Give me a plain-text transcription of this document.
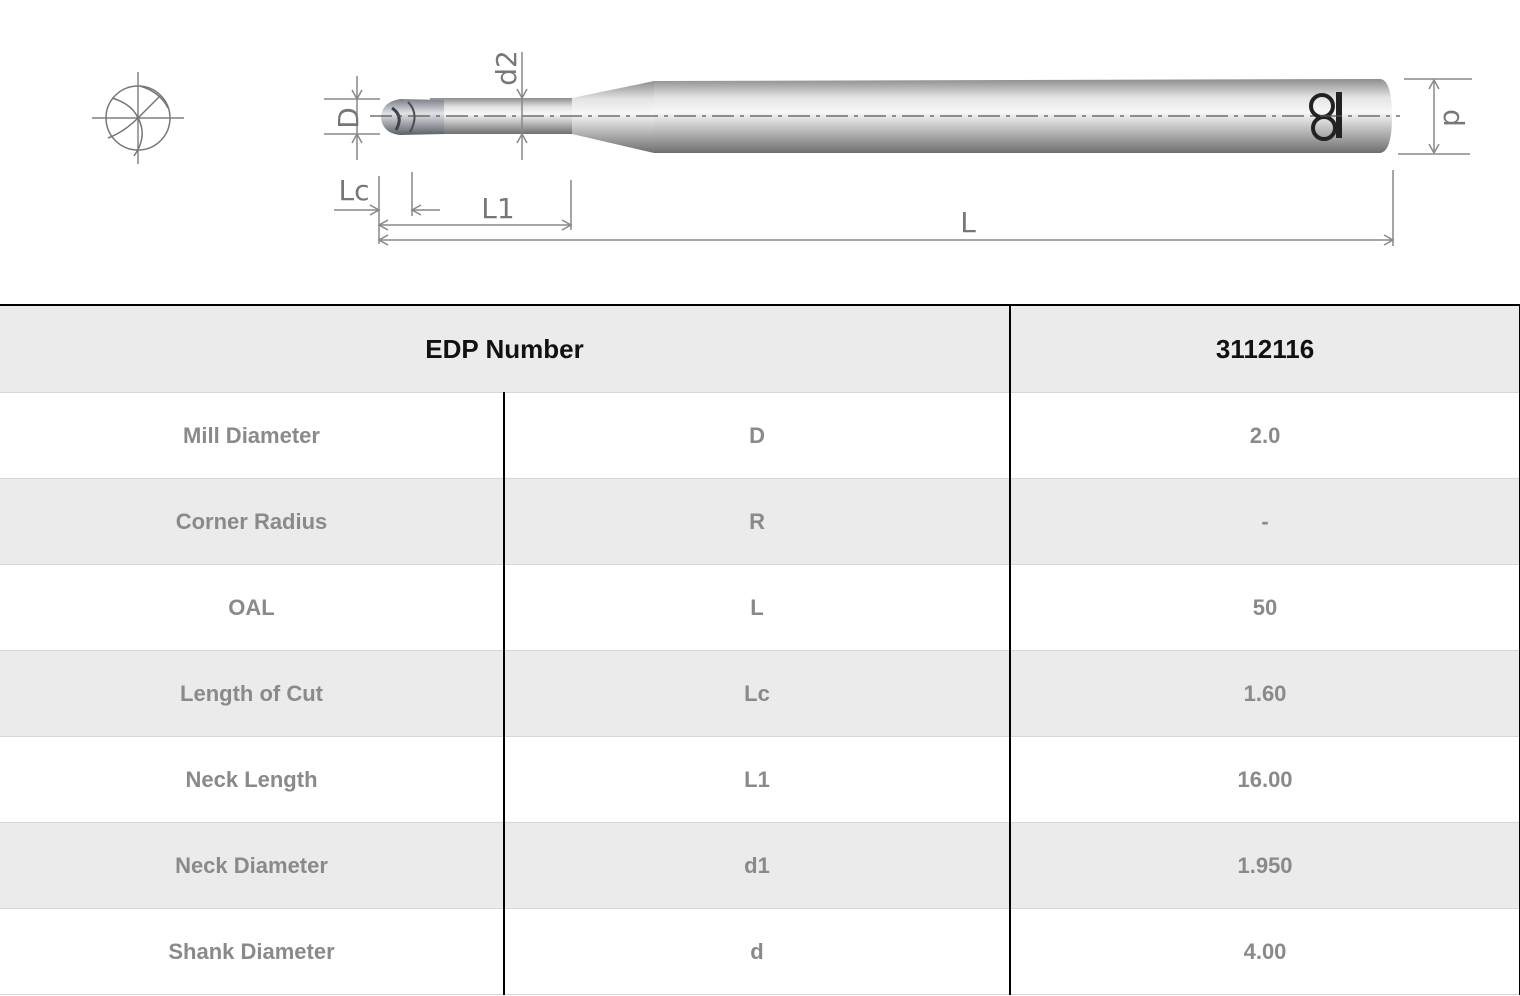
D
d2
d
Lc
L1	L
EDP Number		3112116
Mill Diameter	D	2.0
Corner Radius	R	-
OAL	L	50
Length of Cut	Lc	1.60
Neck Length	L1	16.00
Neck Diameter	d1	1.950
Shank Diameter	d	4.00
